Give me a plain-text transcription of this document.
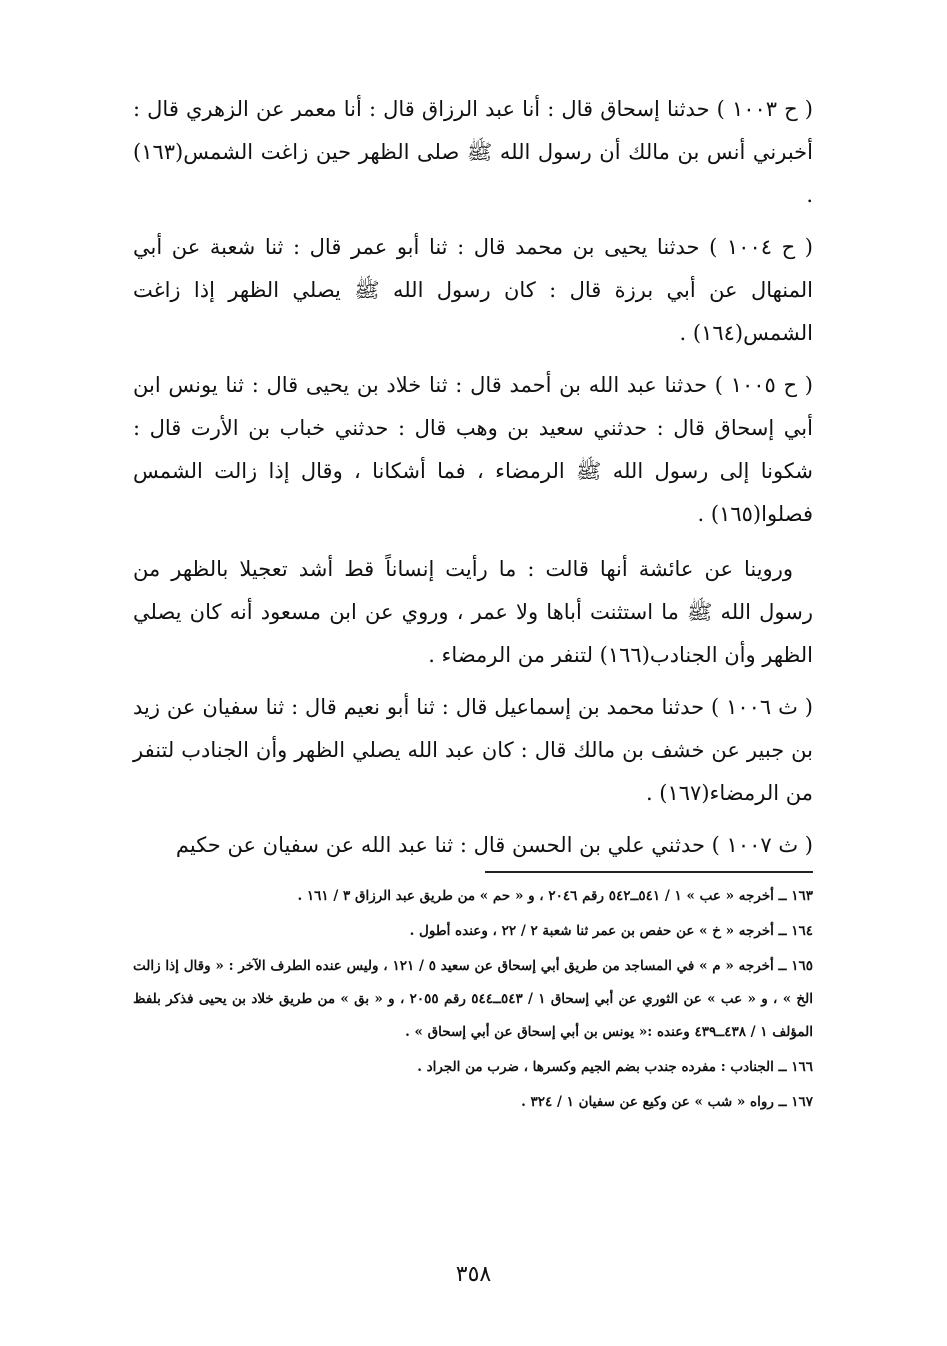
( ح ١٠٠٣ ) حدثنا إسحاق قال : أنا عبد الرزاق قال : أنا معمر عن الزهري قال : أخبرني أنس بن مالك أن رسول الله ﷺ صلى الظهر حين زاغت الشمس(١٦٣) .

( ح ١٠٠٤ ) حدثنا يحيى بن محمد قال : ثنا أبو عمر قال : ثنا شعبة عن أبي المنهال عن أبي برزة قال : كان رسول الله ﷺ يصلي الظهر إذا زاغت الشمس(١٦٤) .

( ح ١٠٠٥ ) حدثنا عبد الله بن أحمد قال : ثنا خلاد بن يحيى قال : ثنا يونس ابن أبي إسحاق قال : حدثني سعيد بن وهب قال : حدثني خباب بن الأرت قال : شكونا إلى رسول الله ﷺ الرمضاء ، فما أشكانا ، وقال إذا زالت الشمس فصلوا(١٦٥) .

وروينا عن عائشة أنها قالت : ما رأيت إنساناً قط أشد تعجيلا بالظهر من رسول الله ﷺ ما استثنت أباها ولا عمر ، وروي عن ابن مسعود أنه كان يصلي الظهر وأن الجنادب(١٦٦) لتنفر من الرمضاء .

( ث ١٠٠٦ ) حدثنا محمد بن إسماعيل قال : ثنا أبو نعيم قال : ثنا سفيان عن زيد بن جبير عن خشف بن مالك قال : كان عبد الله يصلي الظهر وأن الجنادب لتنفر من الرمضاء(١٦٧) .

( ث ١٠٠٧ ) حدثني علي بن الحسن قال : ثنا عبد الله عن سفيان عن حكيم

١٦٣ ــ أخرجه « عب » ١ / ٥٤١ــ٥٤٢ رقم ٢٠٤٦ ، و « حم » من طريق عبد الرزاق ٣ / ١٦١ .

١٦٤ ــ أخرجه « خ » عن حفص بن عمر ثنا شعبة ٢ / ٢٢ ، وعنده أطول .

١٦٥ ــ أخرجه « م » في المساجد من طريق أبي إسحاق عن سعيد ٥ / ١٢١ ، وليس عنده الطرف الآخر : « وقال إذا زالت الخ » ، و « عب » عن الثوري عن أبي إسحاق ١ / ٥٤٣ــ٥٤٤ رقم ٢٠٥٥ ، و « بق » من طريق خلاد بن يحيى فذكر بلفظ المؤلف ١ / ٤٣٨ــ٤٣٩ وعنده :« يونس بن أبي إسحاق عن أبي إسحاق » .

١٦٦ ــ الجنادب : مفرده جندب بضم الجيم وكسرها ، ضرب من الجراد .

١٦٧ ــ رواه « شب » عن وكيع عن سفيان ١ / ٣٢٤ .

٣٥٨
